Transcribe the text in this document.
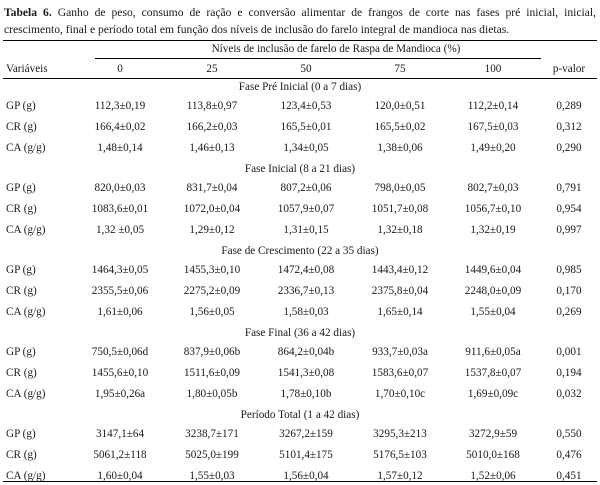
Tabela 6. Ganho de peso, consumo de ração e conversão alimentar de frangos de corte nas fases pré inicial, inicial, crescimento, final e período total em função dos níveis de inclusão do farelo integral de mandioca nas dietas.
Níveis de inclusão de farelo de Raspa de Mandioca (%)
Variáveis	0	25	50	75	100	p-valor
Fase Pré Inicial (0 a 7 dias)
GP (g)	112,3±0,19	113,8±0,97	123,4±0,53	120,0±0,51	112,2±0,14	0,289
CR (g)	166,4±0,02	166,2±0,03	165,5±0,01	165,5±0,02	167,5±0,03	0,312
CA (g/g)	1,48±0,14	1,46±0,13	1,34±0,05	1,38±0,06	1,49±0,20	0,290
Fase Inicial (8 a 21 dias)
GP (g)	820,0±0,03	831,7±0,04	807,2±0,06	798,0±0,05	802,7±0,03	0,791
CR (g)	1083,6±0,01	1072,0±0,04	1057,9±0,07	1051,7±0,08	1056,7±0,10	0,954
CA (g/g)	1,32 ±0,05	1,29±0,12	1,31±0,15	1,32±0,18	1,32±0,19	0,997
Fase de Crescimento (22 a 35 dias)
GP (g)	1464,3±0,05	1455,3±0,10	1472,4±0,08	1443,4±0,12	1449,6±0,04	0,985
CR (g)	2355,5±0,06	2275,2±0,09	2336,7±0,13	2375,8±0,04	2248,0±0,09	0,170
CA (g/g)	1,61±0,06	1,56±0,05	1,58±0,03	1,65±0,14	1,55±0,04	0,269
Fase Final (36 a 42 dias)
GP (g)	750,5±0,06d	837,9±0,06b	864,2±0,04b	933,7±0,03a	911,6±0,05a	0,001
CR (g)	1455,6±0,10	1511,6±0,09	1541,3±0,08	1583,6±0,07	1537,8±0,07	0,194
CA (g/g)	1,95±0,26a	1,80±0,05b	1,78±0,10b	1,70±0,10c	1,69±0,09c	0,032
Período Total (1 a 42 dias)
GP (g)	3147,1±64	3238,7±171	3267,2±159	3295,3±213	3272,9±59	0,550
CR (g)	5061,2±118	5025,0±199	5101,4±175	5176,5±103	5010,0±168	0,476
CA (g/g)	1,60±0,04	1,55±0,03	1,56±0,04	1,57±0,12	1,52±0,06	0,451
